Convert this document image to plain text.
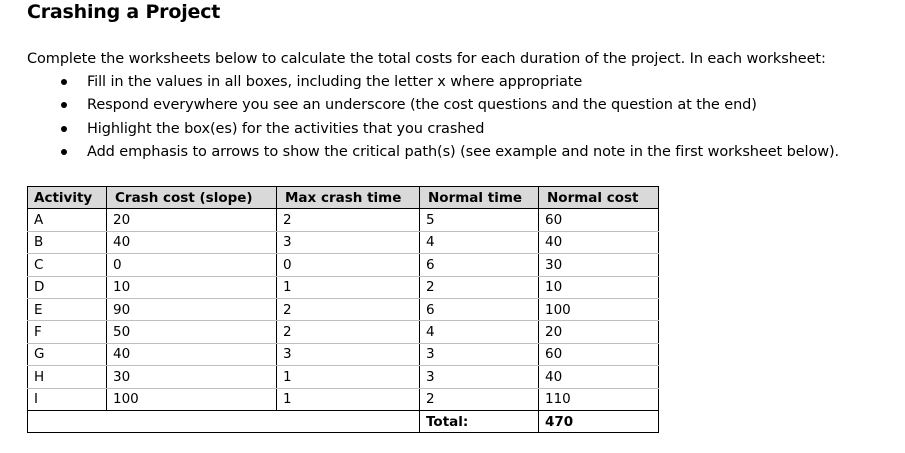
Crashing a Project

Complete the worksheets below to calculate the total costs for each duration of the project. In each worksheet:

Fill in the values in all boxes, including the letter x where appropriate
Respond everywhere you see an underscore (the cost questions and the question at the end)
Highlight the box(es) for the activities that you crashed
Add emphasis to arrows to show the critical path(s) (see example and note in the first worksheet below).
Activity	Crash cost (slope)	Max crash time	Normal time	Normal cost
A	20	2	5	60
B	40	3	4	40
C	0	0	6	30
D	10	1	2	10
E	90	2	6	100
F	50	2	4	20
G	40	3	3	60
H	30	1	3	40
I	100	1	2	110
			Total:	470
